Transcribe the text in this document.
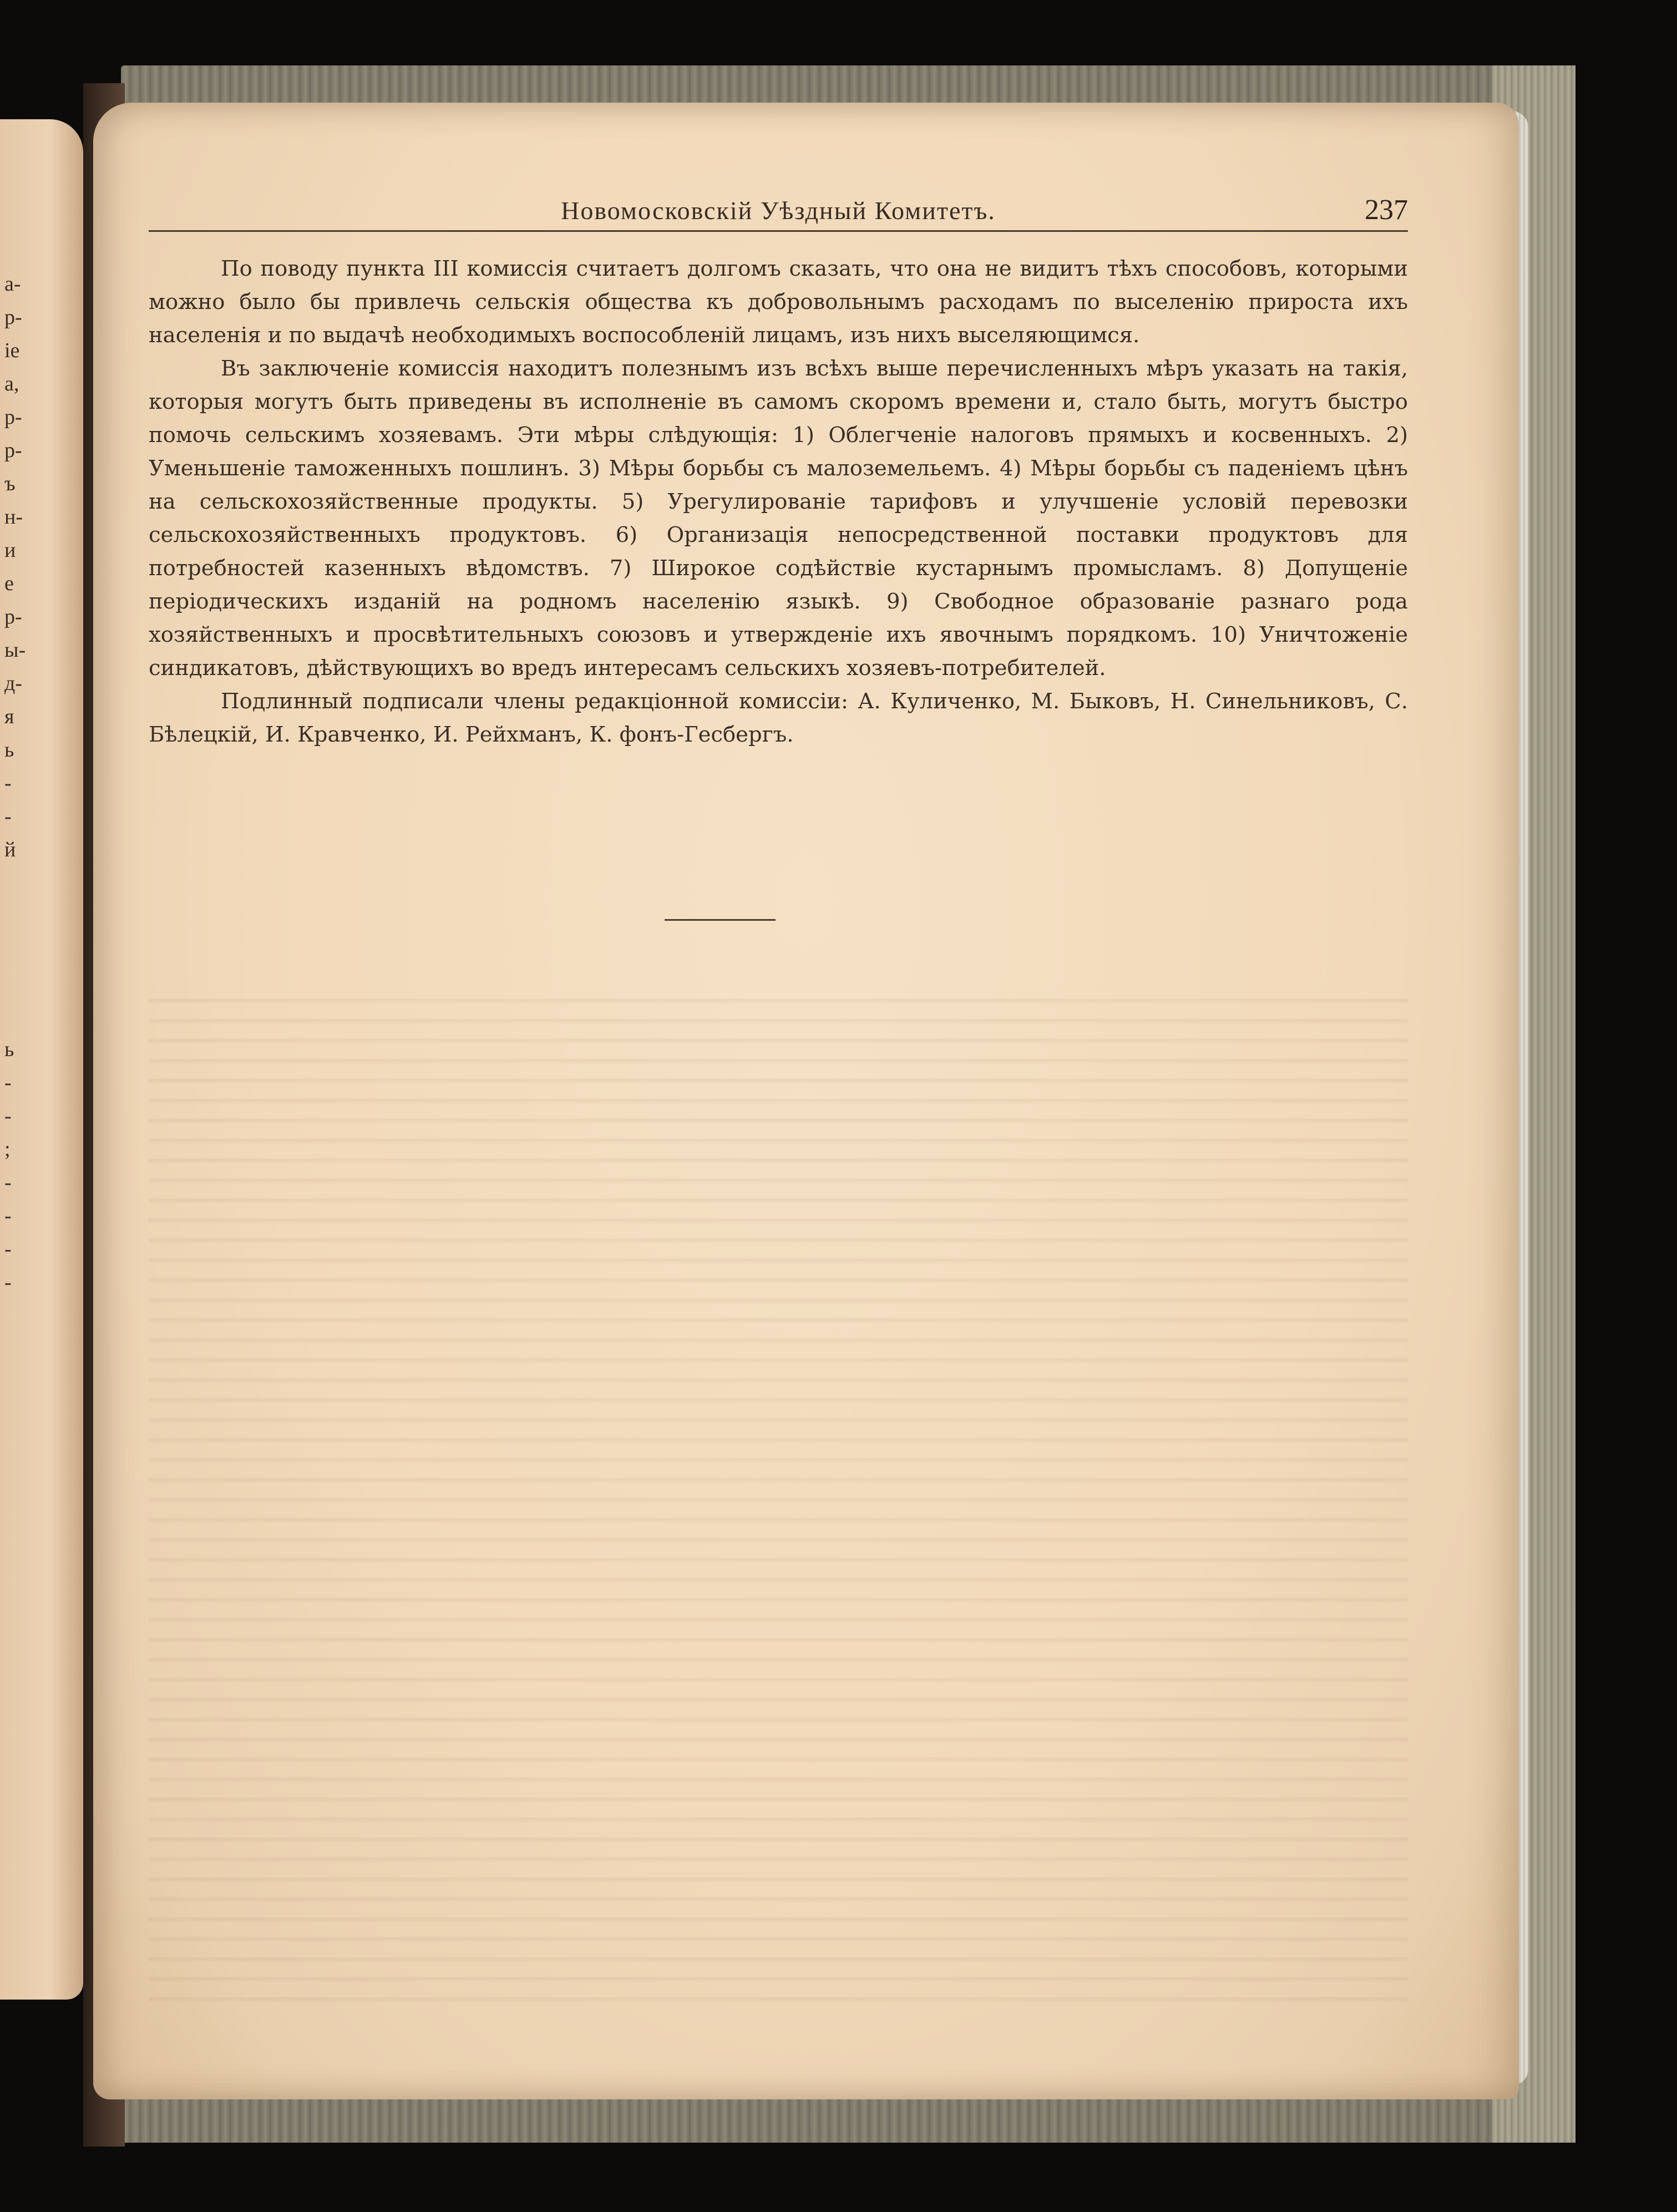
а-
р-
іе
а,
р-
р-
ъ
н-
и
е
р-
ы-
д-
я
ь
-
-
й
ь
-
-
;
-
-
-
-
Новомосковскій Уѣздный Комитетъ.	237

По поводу пункта III комиссія считаетъ долгомъ сказать, что она не видитъ тѣхъ способовъ, которыми можно было бы привлечь сельскія общества къ добровольнымъ расходамъ по выселенію прироста ихъ населенія и по выдачѣ необходимыхъ воспособленій лицамъ, изъ нихъ выселяющимся.

Въ заключеніе комиссія находитъ полезнымъ изъ всѣхъ выше перечисленныхъ мѣръ указать на такія, которыя могутъ быть приведены въ исполненіе въ самомъ скоромъ времени и, стало быть, могутъ быстро помочь сельскимъ хозяевамъ. Эти мѣры слѣдующія: 1) Облегченіе налоговъ прямыхъ и косвенныхъ. 2) Уменьшеніе таможенныхъ пошлинъ. 3) Мѣры борьбы съ малоземельемъ. 4) Мѣры борьбы съ паденіемъ цѣнъ на сельскохозяйственные продукты. 5) Урегулированіе тарифовъ и улучшеніе условій перевозки сельскохозяйственныхъ продуктовъ. 6) Организація непосредственной поставки продуктовъ для потребностей казенныхъ вѣдомствъ. 7) Широкое содѣйствіе кустарнымъ промысламъ. 8) Допущеніе періодическихъ изданій на родномъ населенію языкѣ. 9) Свободное образованіе разнаго рода хозяйственныхъ и просвѣтительныхъ союзовъ и утвержденіе ихъ явочнымъ порядкомъ. 10) Уничтоженіе синдикатовъ, дѣйствующихъ во вредъ интересамъ сельскихъ хозяевъ-потребителей.

Подлинный подписали члены редакціонной комиссіи: А. Куличенко, М. Быковъ, Н. Синельниковъ, С. Бѣлецкій, И. Кравченко, И. Рейхманъ, К. фонъ-Гесбергъ.
